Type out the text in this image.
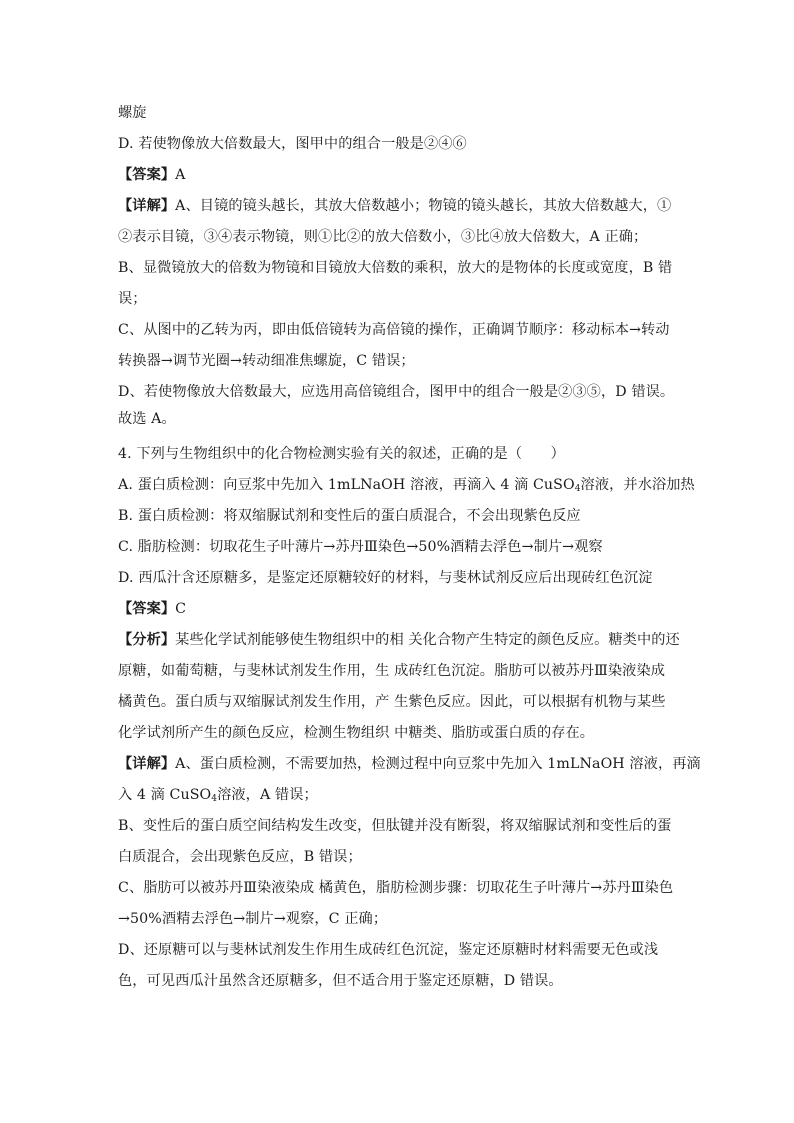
螺旋
D. 若使物像放大倍数最大，图甲中的组合一般是②④⑥
【答案】A
【详解】A、目镜的镜头越长，其放大倍数越小；物镜的镜头越长，其放大倍数越大，①
②表示目镜，③④表示物镜，则①比②的放大倍数小，③比④放大倍数大，A 正确；
B、显微镜放大的倍数为物镜和目镜放大倍数的乘积，放大的是物体的长度或宽度，B 错
误；
C、从图中的乙转为丙，即由低倍镜转为高倍镜的操作，正确调节顺序：移动标本→转动
转换器→调节光圈→转动细准焦螺旋，C 错误；
D、若使物像放大倍数最大，应选用高倍镜组合，图甲中的组合一般是②③⑤，D 错误。
故选 A。
4. 下列与生物组织中的化合物检测实验有关的叙述，正确的是（　　）
A. 蛋白质检测：向豆浆中先加入 1mLNaOH 溶液，再滴入 4 滴 CuSO$_4$溶液，并水浴加热
B. 蛋白质检测：将双缩脲试剂和变性后的蛋白质混合，不会出现紫色反应
C. 脂肪检测：切取花生子叶薄片→苏丹Ⅲ染色→50%酒精去浮色→制片→观察
D. 西瓜汁含还原糖多，是鉴定还原糖较好的材料，与斐林试剂反应后出现砖红色沉淀
【答案】C
【分析】某些化学试剂能够使生物组织中的相 关化合物产生特定的颜色反应。糖类中的还
原糖，如葡萄糖，与斐林试剂发生作用，生 成砖红色沉淀。脂肪可以被苏丹Ⅲ染液染成
橘黄色。蛋白质与双缩脲试剂发生作用，产 生紫色反应。因此，可以根据有机物与某些
化学试剂所产生的颜色反应，检测生物组织 中糖类、脂肪或蛋白质的存在。
【详解】A、蛋白质检测，不需要加热，检测过程中向豆浆中先加入 1mLNaOH 溶液，再滴
入 4 滴 CuSO$_4$溶液，A 错误；
B、变性后的蛋白质空间结构发生改变，但肽键并没有断裂，将双缩脲试剂和变性后的蛋
白质混合，会出现紫色反应，B 错误；
C、脂肪可以被苏丹Ⅲ染液染成 橘黄色，脂肪检测步骤：切取花生子叶薄片→苏丹Ⅲ染色
→50%酒精去浮色→制片→观察，C 正确；
D、还原糖可以与斐林试剂发生作用生成砖红色沉淀，鉴定还原糖时材料需要无色或浅
色，可见西瓜汁虽然含还原糖多，但不适合用于鉴定还原糖，D 错误。
